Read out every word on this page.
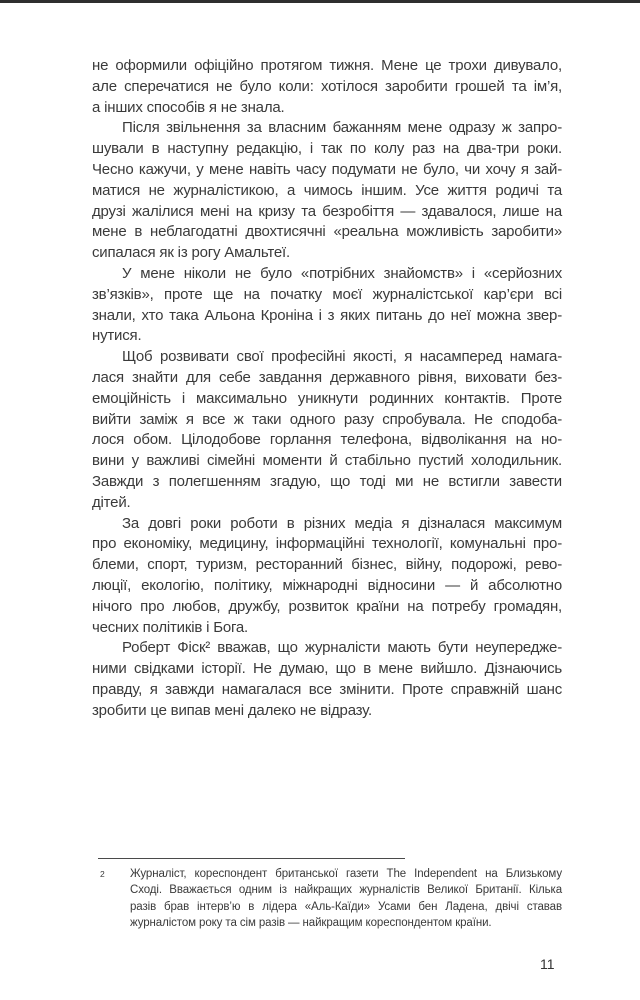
не оформили офіційно протягом тижня. Мене це трохи дивувало,
але сперечатися не було коли: хотілося заробити грошей та ім’я,
а інших способів я не знала.
Після звільнення за власним бажанням мене одразу ж запро-
шували в наступну редакцію, і так по колу раз на два-три роки.
Чесно кажучи, у мене навіть часу подумати не було, чи хочу я зай-
матися не журналістикою, а чимось іншим. Усе життя родичі та
друзі жалілися мені на кризу та безробіття — здавалося, лише на
мене в неблагодатні двохтисячні «реальна можливість заробити»
сипалася як із рогу Амальтеї.
У мене ніколи не було «потрібних знайомств» і «серйозних
зв’язків», проте ще на початку моєї журналістської кар’єри всі
знали, хто така Альона Кроніна і з яких питань до неї можна звер-
нутися.
Щоб розвивати свої професійні якості, я насамперед намага-
лася знайти для себе завдання державного рівня, виховати без-
емоційність і максимально уникнути родинних контактів. Проте
вийти заміж я все ж таки одного разу спробувала. Не сподоба-
лося обом. Цілодобове горлання телефона, відволікання на но-
вини у важливі сімейні моменти й стабільно пустий холодильник.
Завжди з полегшенням згадую, що тоді ми не встигли завести
дітей.
За довгі роки роботи в різних медіа я дізналася максимум
про економіку, медицину, інформаційні технології, комунальні про-
блеми, спорт, туризм, ресторанний бізнес, війну, подорожі, рево-
люції, екологію, політику, міжнародні відносини — й абсолютно
нічого про любов, дружбу, розвиток країни на потребу громадян,
чесних політиків і Бога.
Роберт Фіск² вважав, що журналісти мають бути неупередже-
ними свідками історії. Не думаю, що в мене вийшло. Дізнаючись
правду, я завжди намагалася все змінити. Проте справжній шанс
зробити це випав мені далеко не відразу.
2 Журналіст, кореспондент британської газети The Independent на Близькому
Сході. Вважається одним із найкращих журналістів Великої Британії. Кілька
разів брав інтерв’ю в лідера «Аль-Каїди» Усами бен Ладена, двічі ставав
журналістом року та сім разів — найкращим кореспондентом країни.
11
